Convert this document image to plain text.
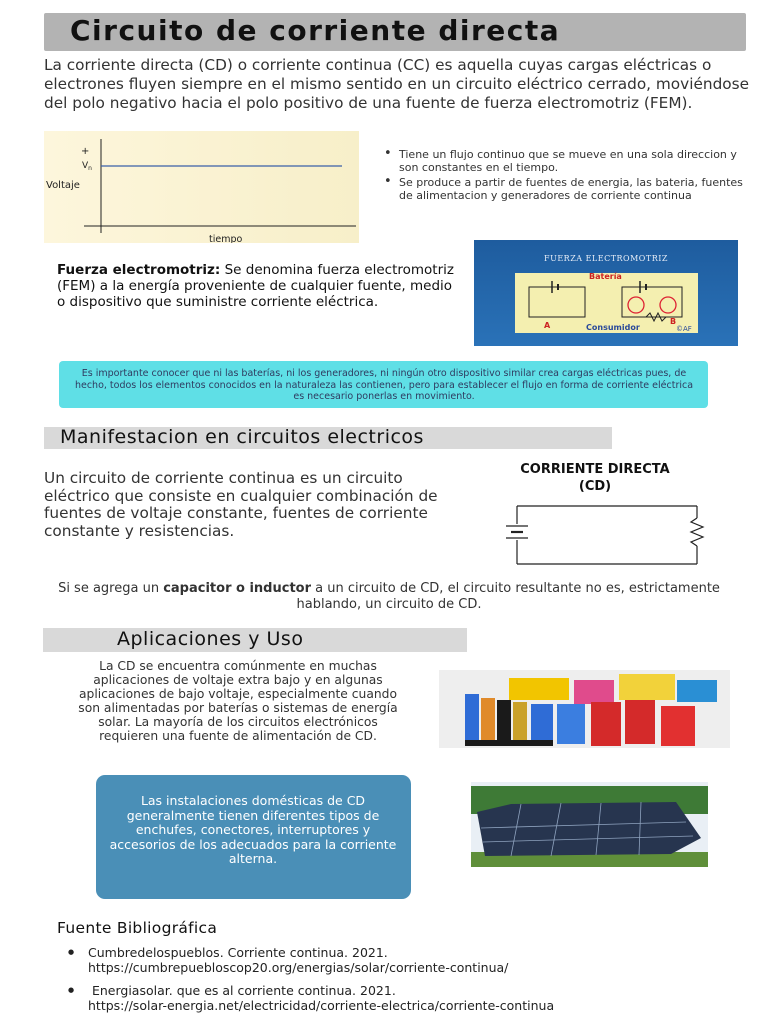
Circuito de corriente directa
La corriente directa (CD) o corriente continua (CC) es aquella cuyas cargas eléctricas o electrones fluyen siempre en el mismo sentido en un circuito eléctrico cerrado, moviéndose del polo negativo hacia el polo positivo de una fuente de fuerza electromotriz (FEM).
+
$V_n$
Voltaje
tiempo
• Tiene un flujo continuo que se mueve en una sola direccion y son constantes en el tiempo.
• Se produce a partir de fuentes de energia, las bateria, fuentes de alimentacion y generadores de corriente continua
FUERZA ELECTROMOTRIZ
Batería
A	B
Consumidor	©AF
Fuerza electromotriz: Se denomina fuerza electromotriz (FEM) a la energía proveniente de cualquier fuente, medio o dispositivo que suministre corriente eléctrica.
Es importante conocer que ni las baterías, ni los generadores, ni ningún otro dispositivo similar crea cargas eléctricas pues, de hecho, todos los elementos conocidos en la naturaleza las contienen, pero para establecer el flujo en forma de corriente eléctrica es necesario ponerlas en movimiento.
Manifestacion en circuitos electricos
Un circuito de corriente continua es un circuito eléctrico que consiste en cualquier combinación de fuentes de voltaje constante, fuentes de corriente constante y resistencias.
CORRIENTE DIRECTA
(CD)
Si se agrega un capacitor o inductor a un circuito de CD, el circuito resultante no es, estrictamente hablando, un circuito de CD.
Aplicaciones y Uso
La CD se encuentra comúnmente en muchas aplicaciones de voltaje extra bajo y en algunas aplicaciones de bajo voltaje, especialmente cuando son alimentadas por baterías o sistemas de energía solar. La mayoría de los circuitos electrónicos requieren una fuente de alimentación de CD.
Las instalaciones domésticas de CD generalmente tienen diferentes tipos de enchufes, conectores, interruptores y accesorios de los adecuados para la corriente alterna.
Fuente Bibliográfica
● Cumbredelospueblos. Corriente continua. 2021.
https://cumbrepuebloscop20.org/energias/solar/corriente-continua/
●  Energiasolar. que es al corriente continua. 2021.
https://solar-energia.net/electricidad/corriente-electrica/corriente-continua
